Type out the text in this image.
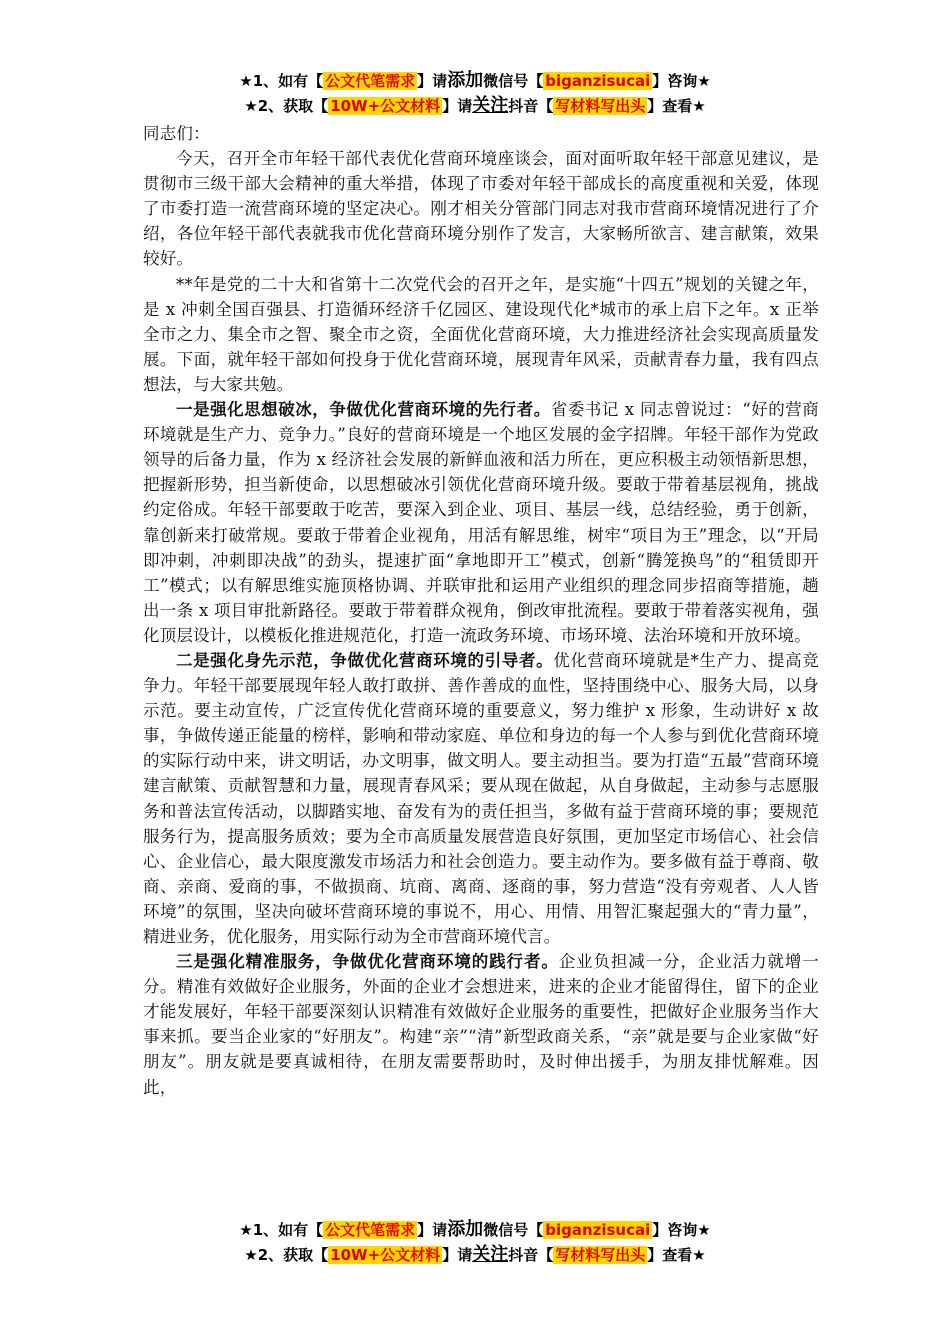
★1、如有【 公文代笔需求 】请添加微信号【 biganzisucai 】咨询★
★2、获取【 10W+公文材料 】请关注抖音【 写材料写出头 】查看★

同志们：

今天，召开全市年轻干部代表优化营商环境座谈会，面对面听取年轻干部意见建议，是贯彻市三级干部大会精神的重大举措，体现了市委对年轻干部成长的高度重视和关爱，体现了市委打造一流营商环境的坚定决心。刚才相关分管部门同志对我市营商环境情况进行了介绍，各位年轻干部代表就我市优化营商环境分别作了发言，大家畅所欲言、建言献策，效果较好。

**年是党的二十大和省第十二次党代会的召开之年，是实施“十四五”规划的关键之年，是 x 冲刺全国百强县、打造循环经济千亿园区、建设现代化*城市的承上启下之年。x 正举全市之力、集全市之智、聚全市之资，全面优化营商环境，大力推进经济社会实现高质量发展。下面，就年轻干部如何投身于优化营商环境，展现青年风采，贡献青春力量，我有四点想法，与大家共勉。

一是强化思想破冰，争做优化营商环境的先行者。省委书记 x 同志曾说过：“好的营商环境就是生产力、竞争力。”良好的营商环境是一个地区发展的金字招牌。年轻干部作为党政领导的后备力量，作为 x 经济社会发展的新鲜血液和活力所在，更应积极主动领悟新思想，把握新形势，担当新使命，以思想破冰引领优化营商环境升级。要敢于带着基层视角，挑战约定俗成。年轻干部要敢于吃苦，要深入到企业、项目、基层一线，总结经验，勇于创新，靠创新来打破常规。要敢于带着企业视角，用活有解思维，树牢“项目为王”理念，以“开局即冲刺，冲刺即决战”的劲头，提速扩面“拿地即开工”模式，创新“腾笼换鸟”的“租赁即开工”模式；以有解思维实施顶格协调、并联审批和运用产业组织的理念同步招商等措施，趟出一条 x 项目审批新路径。要敢于带着群众视角，倒改审批流程。要敢于带着落实视角，强化顶层设计，以模板化推进规范化，打造一流政务环境、市场环境、法治环境和开放环境。

二是强化身先示范，争做优化营商环境的引导者。优化营商环境就是*生产力、提高竞争力。年轻干部要展现年轻人敢打敢拼、善作善成的血性，坚持围绕中心、服务大局，以身示范。要主动宣传，广泛宣传优化营商环境的重要意义，努力维护 x 形象，生动讲好 x 故事，争做传递正能量的榜样，影响和带动家庭、单位和身边的每一个人参与到优化营商环境的实际行动中来，讲文明话，办文明事，做文明人。要主动担当。要为打造“五最”营商环境建言献策、贡献智慧和力量，展现青春风采；要从现在做起，从自身做起，主动参与志愿服务和普法宣传活动，以脚踏实地、奋发有为的责任担当，多做有益于营商环境的事；要规范服务行为，提高服务质效；要为全市高质量发展营造良好氛围，更加坚定市场信心、社会信心、企业信心，最大限度激发市场活力和社会创造力。要主动作为。要多做有益于尊商、敬商、亲商、爱商的事，不做损商、坑商、离商、逐商的事，努力营造“没有旁观者、人人皆环境”的氛围，坚决向破坏营商环境的事说不，用心、用情、用智汇聚起强大的“青力量”，精进业务，优化服务，用实际行动为全市营商环境代言。

三是强化精准服务，争做优化营商环境的践行者。企业负担减一分，企业活力就增一分。精准有效做好企业服务，外面的企业才会想进来，进来的企业才能留得住，留下的企业才能发展好，年轻干部要深刻认识精准有效做好企业服务的重要性，把做好企业服务当作大事来抓。要当企业家的“好朋友”。构建“亲”“清”新型政商关系，“亲”就是要与企业家做“好朋友”。朋友就是要真诚相待，在朋友需要帮助时，及时伸出援手，为朋友排忧解难。因此，

★1、如有【 公文代笔需求 】请添加微信号【 biganzisucai 】咨询★
★2、获取【 10W+公文材料 】请关注抖音【 写材料写出头 】查看★
